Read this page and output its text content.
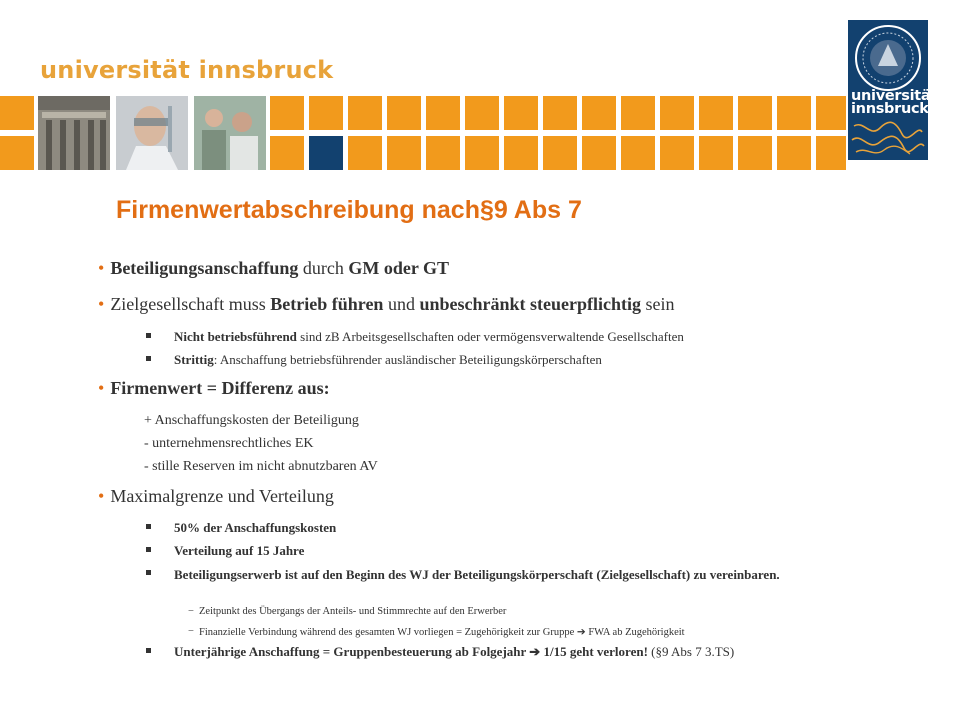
universität innsbruck
universität
innsbruck
Firmenwertabschreibung nach§9 Abs 7
• Beteiligungsanschaffung durch GM oder GT
• Zielgesellschaft muss Betrieb führen und unbeschränkt steuerpflichtig sein
Nicht betriebsführend sind zB Arbeitsgesellschaften oder vermögensverwaltende Gesellschaften
Strittig: Anschaffung betriebsführender ausländischer Beteiligungskörperschaften
• Firmenwert = Differenz aus:
+ Anschaffungskosten der Beteiligung
- unternehmensrechtliches EK
- stille Reserven im nicht abnutzbaren AV
• Maximalgrenze und Verteilung
50% der Anschaffungskosten
Verteilung auf 15 Jahre
Beteiligungserwerb ist auf den Beginn des WJ der Beteiligungskörperschaft (Zielgesellschaft) zu vereinbaren.
− Zeitpunkt des Übergangs der Anteils- und Stimmrechte auf den Erwerber
− Finanzielle Verbindung während des gesamten WJ vorliegen = Zugehörigkeit zur Gruppe ➔ FWA ab Zugehörigkeit
Unterjährige Anschaffung = Gruppenbesteuerung ab Folgejahr ➔ 1/15 geht verloren! (§9 Abs 7 3.TS)
